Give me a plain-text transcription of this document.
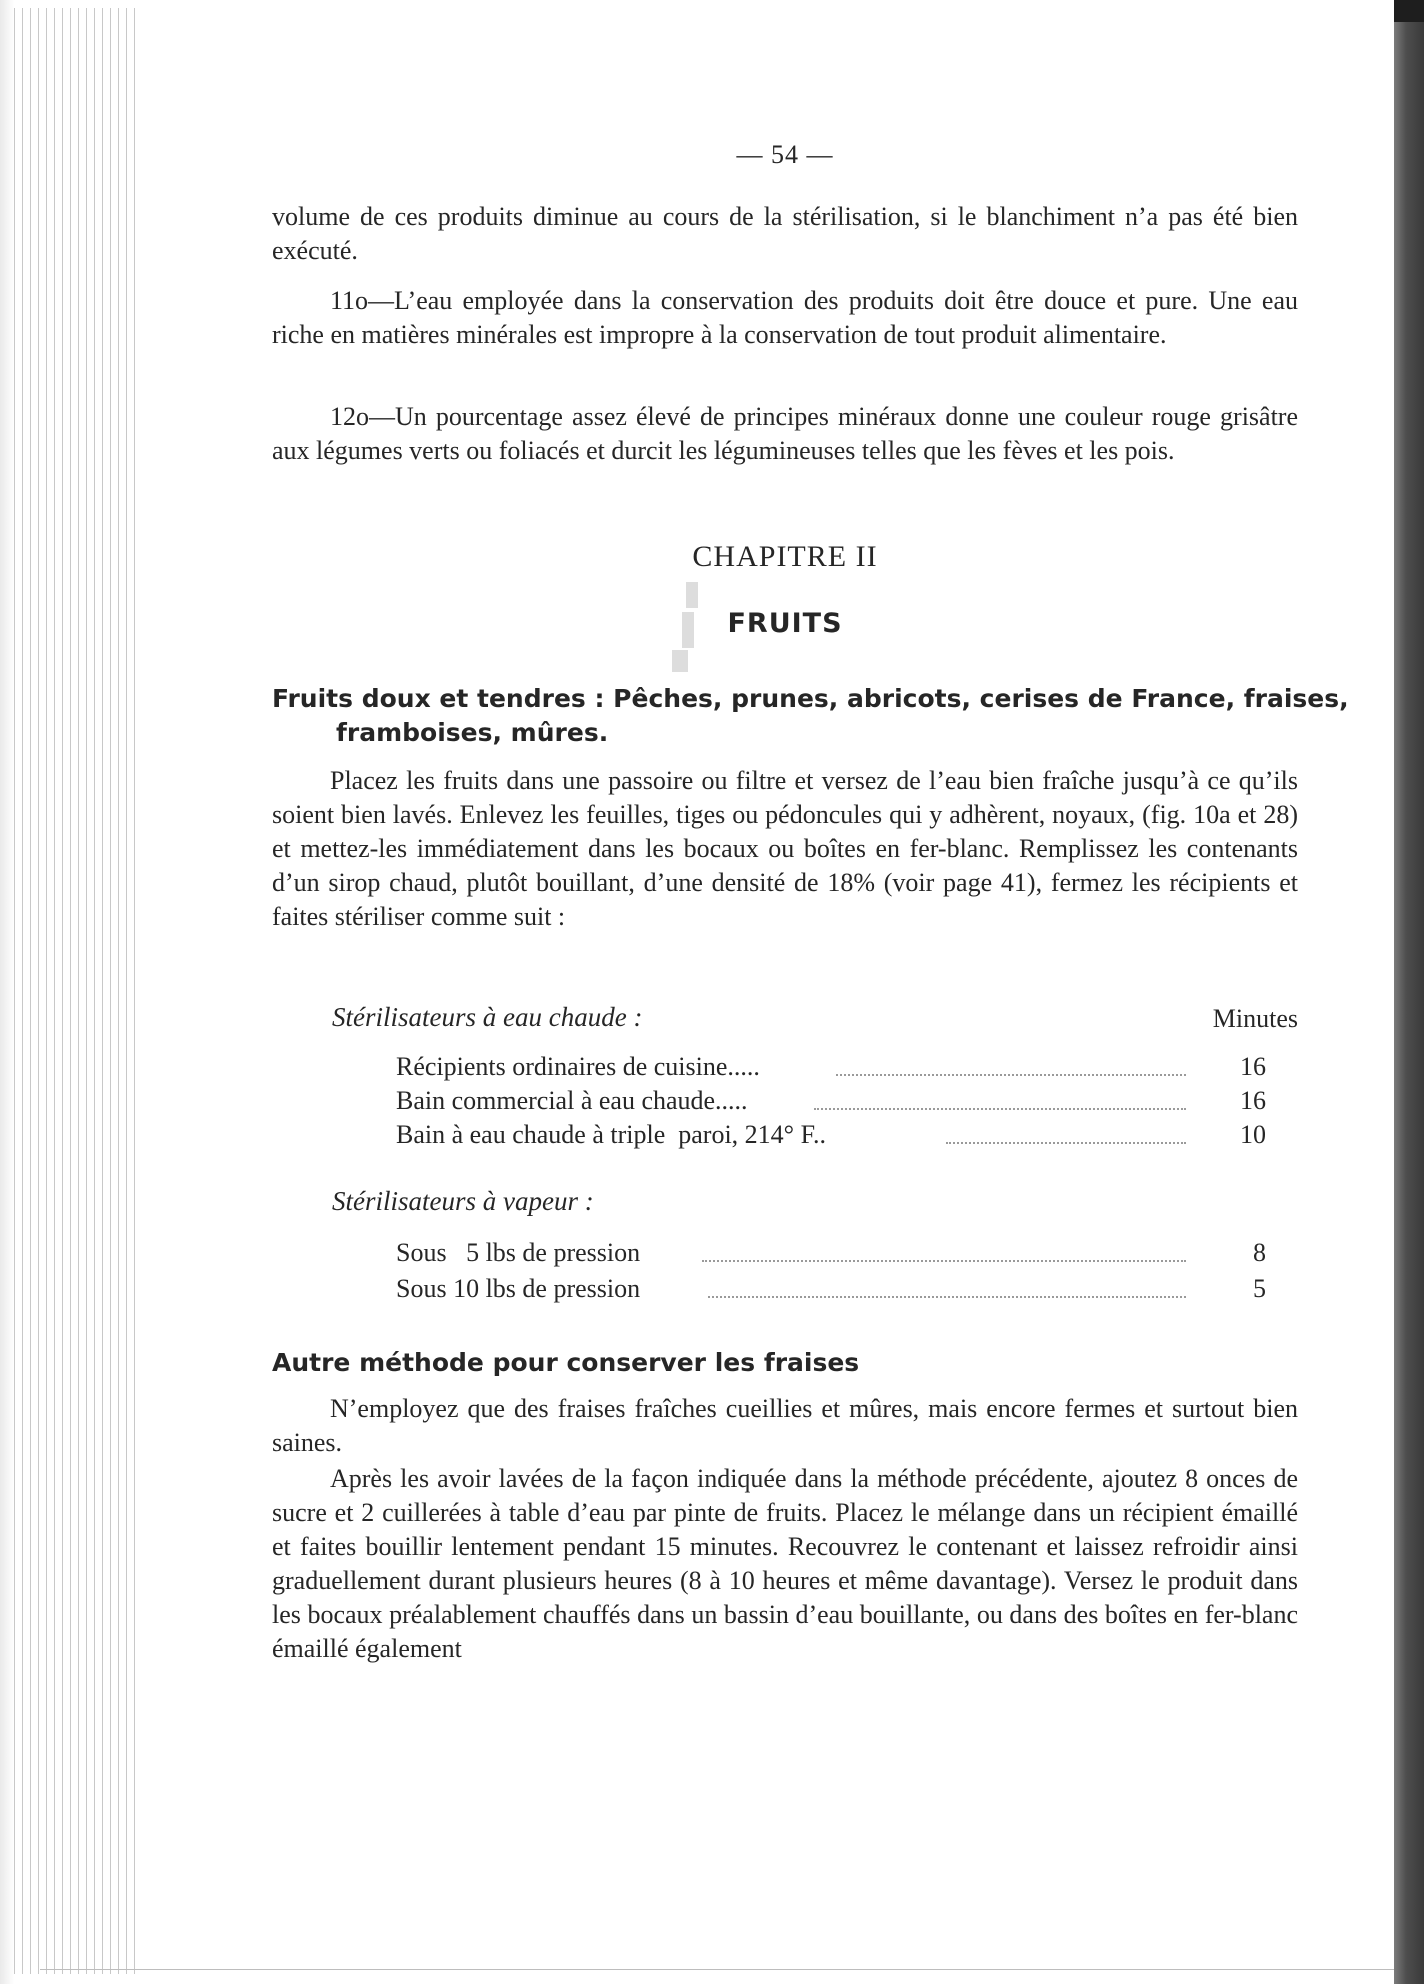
— 54 —

volume de ces produits diminue au cours de la stérilisation, si le blanchiment n’a pas été bien exécuté.

11o—L’eau employée dans la conservation des produits doit être douce et pure. Une eau riche en matières minérales est impropre à la conservation de tout produit alimentaire.

12o—Un pourcentage assez élevé de principes minéraux donne une couleur rouge grisâtre aux légumes verts ou foliacés et durcit les légumineuses telles que les fèves et les pois.

CHAPITRE II
FRUITS
Fruits doux et tendres : Pêches, prunes, abricots, cerises de France, fraises, framboises, mûres.

Placez les fruits dans une passoire ou filtre et versez de l’eau bien fraîche jusqu’à ce qu’ils soient bien lavés. Enlevez les feuilles, tiges ou pédoncules qui y adhèrent, noyaux, (fig. 10a et 28) et mettez-les immédiatement dans les bocaux ou boîtes en fer-blanc. Remplissez les contenants d’un sirop chaud, plutôt bouillant, d’une densité de 18% (voir page 41), fermez les récipients et faites stériliser comme suit :

Stérilisateurs à eau chaude :	Minutes
Récipients ordinaires de cuisine.....	16
Bain commercial à eau chaude.....	16
Bain à eau chaude à triple  paroi, 214° F..	10
Stérilisateurs à vapeur :
Sous   5 lbs de pression	8
Sous 10 lbs de pression	5
Autre méthode pour conserver les fraises

N’employez que des fraises fraîches cueillies et mûres, mais encore fermes et surtout bien saines.

Après les avoir lavées de la façon indiquée dans la méthode précédente, ajoutez 8 onces de sucre et 2 cuillerées à table d’eau par pinte de fruits. Placez le mélange dans un récipient émaillé et faites bouillir lentement pendant 15 minutes. Recouvrez le contenant et laissez refroidir ainsi graduellement durant plusieurs heures (8 à 10 heures et même davantage). Versez le produit dans les bocaux préalablement chauffés dans un bassin d’eau bouillante, ou dans des boîtes en fer-blanc émaillé également
